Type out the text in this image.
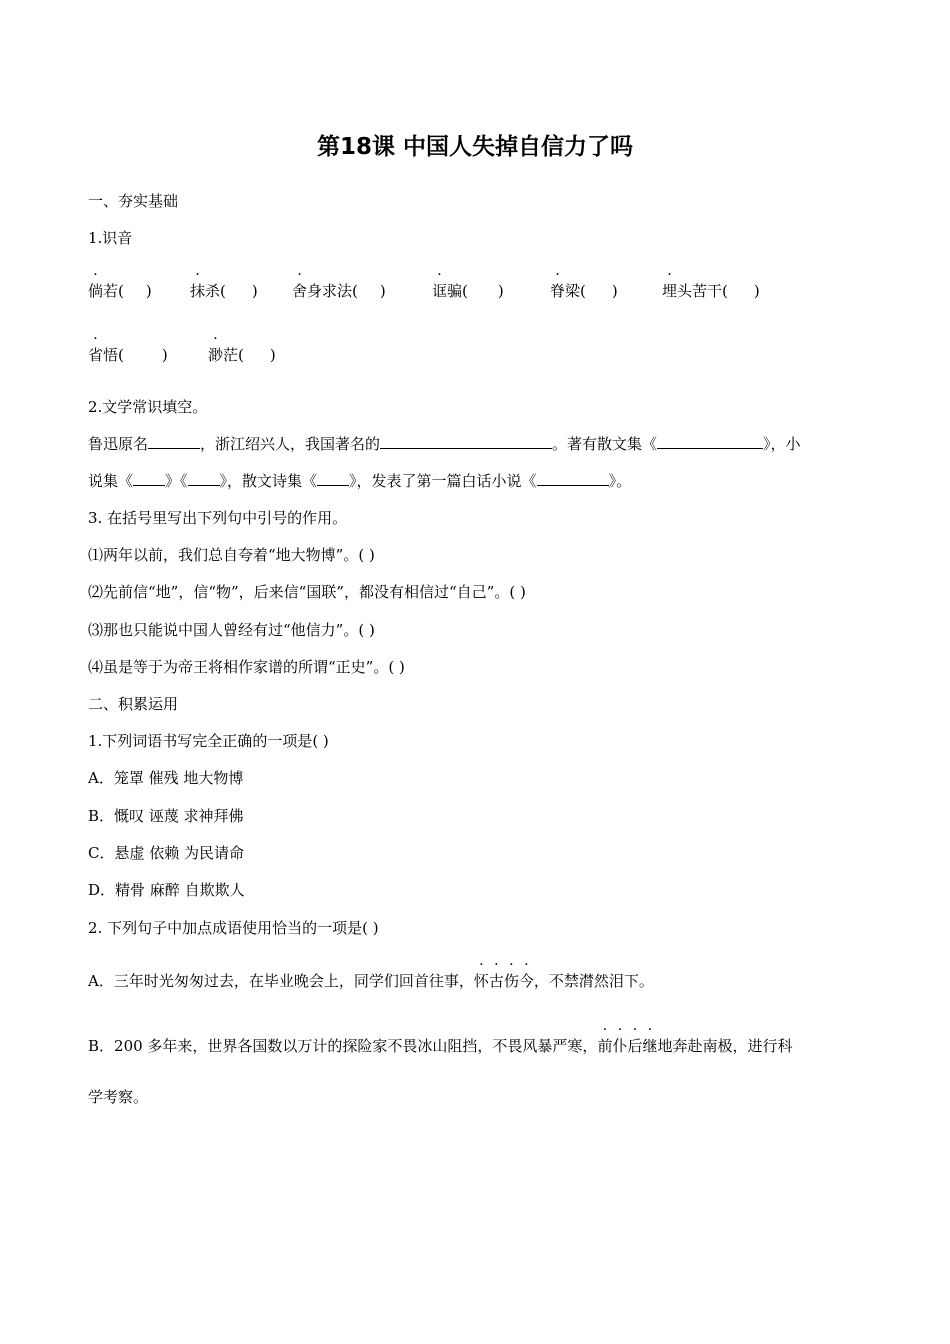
第18课 中国人失掉自信力了吗
一、夯实基础
1.识音
倘若( )	抹杀( ) 舍身求法( )	诓骗( )	脊梁( )	埋头苦干( )
省悟(	)	渺茫( )
2.文学常识填空。
鲁迅原名	，浙江绍兴人，我国著名的	。著有散文集《	》，小
说集《 》《 》，散文诗集《 》，发表了第一篇白话小说《	》。
3. 在括号里写出下列句中引号的作用。
⑴两年以前，我们总自夸着“地大物博”。( )
⑵先前信“地”，信“物”，后来信“国联”，都没有相信过“自己”。( )
⑶那也只能说中国人曾经有过“他信力”。( )
⑷虽是等于为帝王将相作家谱的所谓“正史”。( )
二、积累运用
1.下列词语书写完全正确的一项是( )
A．笼罩 催残 地大物博
B．慨叹 诬蔑 求神拜佛
C．悬虚 依赖 为民请命
D．精骨 麻醉 自欺欺人
2. 下列句子中加点成语使用恰当的一项是( )
A．三年时光匆匆过去，在毕业晚会上，同学们回首往事，怀古伤今，不禁潸然泪下。
B．200 多年来，世界各国数以万计的探险家不畏冰山阻挡，不畏风暴严寒，前仆后继地奔赴南极，进行科
学考察。
